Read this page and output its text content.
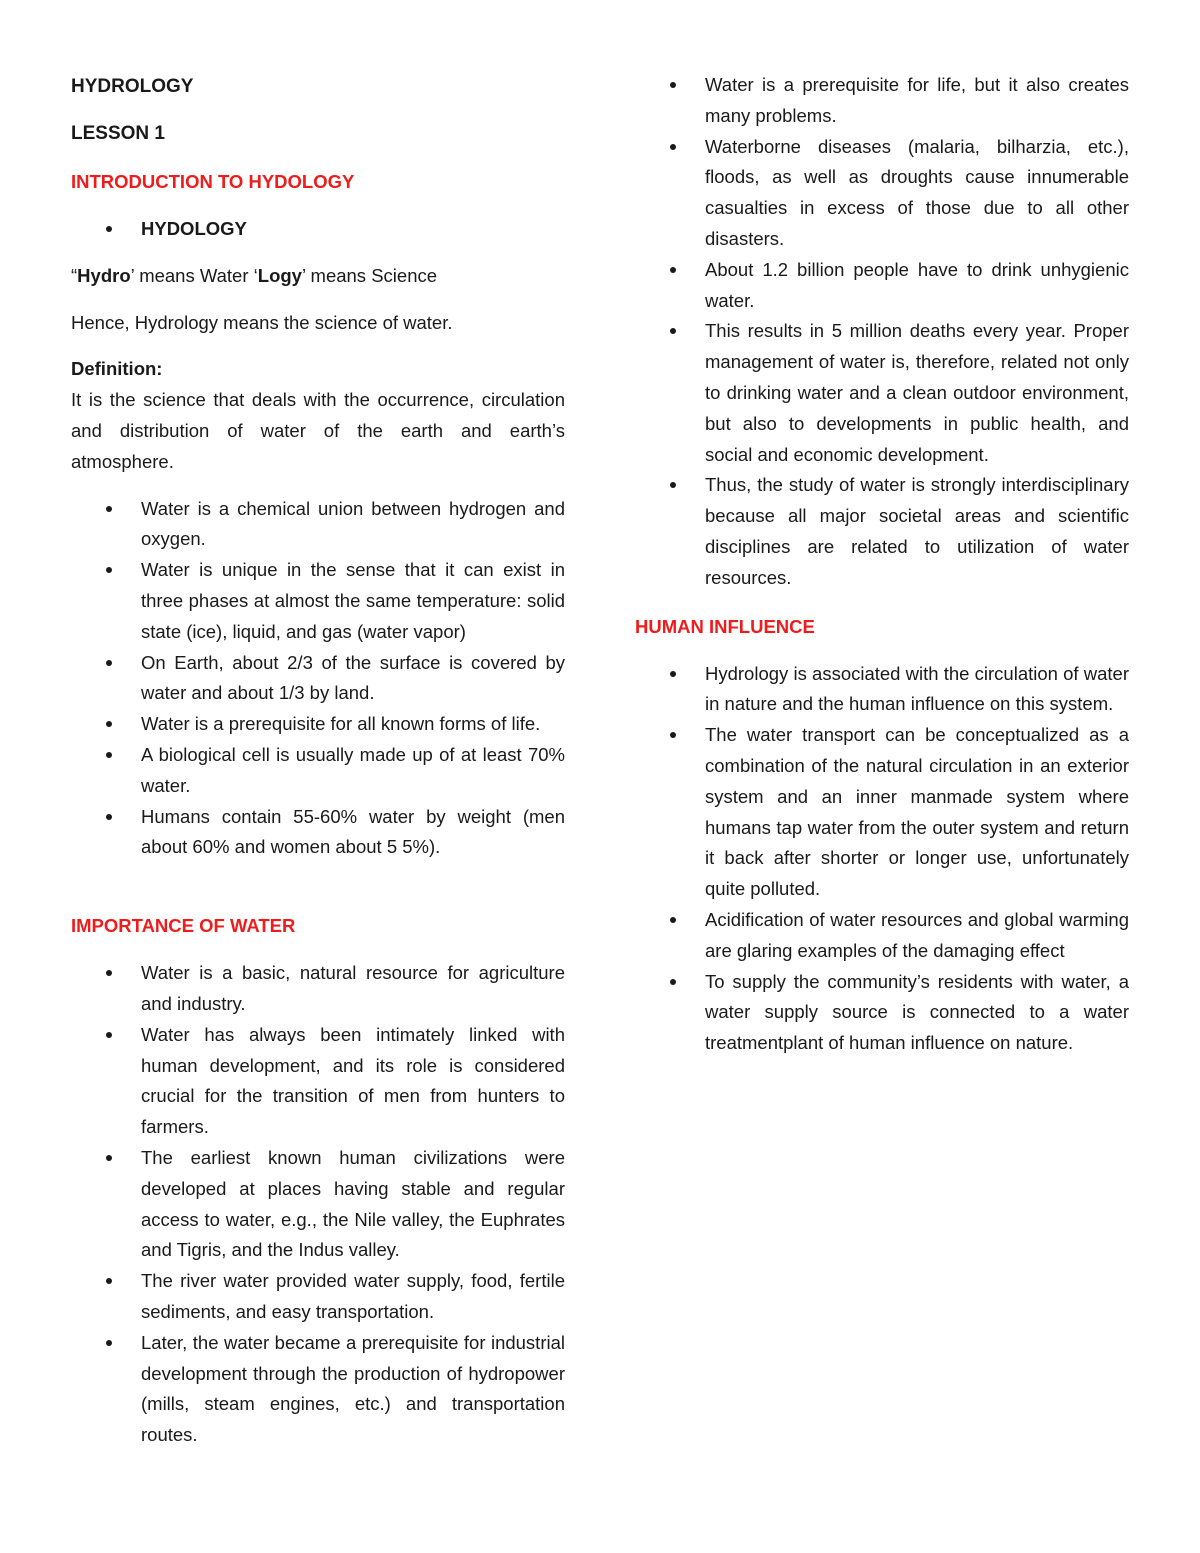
HYDROLOGY

LESSON 1

INTRODUCTION TO HYDOLOGY

HYDOLOGY

“Hydro’ means Water ‘Logy’ means Science

Hence, Hydrology means the science of water.

Definition:

It is the science that deals with the occurrence, circulation and distribution of water of the earth and earth’s atmosphere.

Water is a chemical union between hydrogen and oxygen.
Water is unique in the sense that it can exist in three phases at almost the same temperature: solid state (ice), liquid, and gas (water vapor)
On Earth, about 2/3 of the surface is covered by water and about 1/3 by land.
Water is a prerequisite for all known forms of life.
A biological cell is usually made up of at least 70% water.
Humans contain 55-60% water by weight (men about 60% and women about 5 5%).

IMPORTANCE OF WATER

Water is a basic, natural resource for agriculture and industry.
Water has always been intimately linked with human development, and its role is considered crucial for the transition of men from hunters to farmers.
The earliest known human civilizations were developed at places having stable and regular access to water, e.g., the Nile valley, the Euphrates and Tigris, and the Indus valley.
The river water provided water supply, food, fertile sediments, and easy transportation.
Later, the water became a prerequisite for industrial development through the production of hydropower (mills, steam engines, etc.) and transportation routes.
Water is a prerequisite for life, but it also creates many problems.
Waterborne diseases (malaria, bilharzia, etc.), floods, as well as droughts cause innumerable casualties in excess of those due to all other disasters.
About 1.2 billion people have to drink unhygienic water.
This results in 5 million deaths every year. Proper management of water is, therefore, related not only to drinking water and a clean outdoor environment, but also to developments in public health, and social and economic development.
Thus, the study of water is strongly interdisciplinary because all major societal areas and scientific disciplines are related to utilization of water resources.

HUMAN INFLUENCE

Hydrology is associated with the circulation of water in nature and the human influence on this system.
The water transport can be conceptualized as a combination of the natural circulation in an exterior system and an inner manmade system where humans tap water from the outer system and return it back after shorter or longer use, unfortunately quite polluted.
Acidification of water resources and global warming are glaring examples of the damaging effect
To supply the community’s residents with water, a water supply source is connected to a water treatmentplant of human influence on nature.
